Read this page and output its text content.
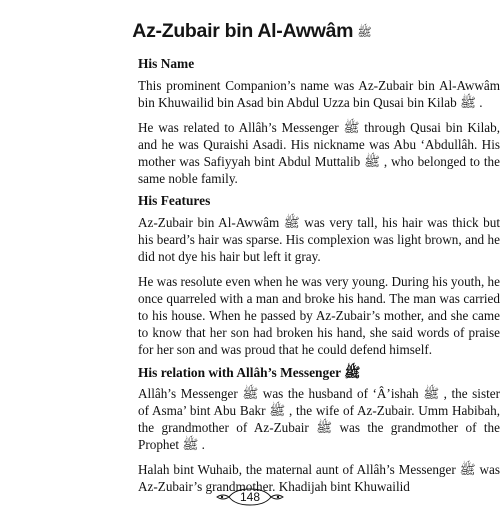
Az-Zubair bin Al-Awwâm ﷺ
His Name

This prominent Companion’s name was Az-Zubair bin Al-Awwâm bin Khuwailid bin Asad bin Abdul Uzza bin Qusai bin Kilab ﷺ .

He was related to Allâh’s Messenger ﷺ through Qusai bin Kilab, and he was Quraishi Asadi. His nickname was Abu ‘Abdullâh. His mother was Safiyyah bint Abdul Muttalib ﷺ , who belonged to the same noble family.

His Features

Az-Zubair bin Al-Awwâm ﷺ was very tall, his hair was thick but his beard’s hair was sparse. His complexion was light brown, and he did not dye his hair but left it gray.

He was resolute even when he was very young. During his youth, he once quarreled with a man and broke his hand. The man was carried to his house. When he passed by Az-Zubair’s mother, and she came to know that her son had broken his hand, she said words of praise for her son and was proud that he could defend himself.

His relation with Allâh’s Messenger ﷺ

Allâh’s Messenger ﷺ was the husband of ‘Â’ishah ﷺ , the sister of Asma’ bint Abu Bakr ﷺ , the wife of Az-Zubair. Umm Habibah, the grandmother of Az-Zubair ﷺ was the grandmother of the Prophet ﷺ .

Halah bint Wuhaib, the maternal aunt of Allâh’s Messenger ﷺ was Az-Zubair’s grandmother. Khadijah bint Khuwailid

148
